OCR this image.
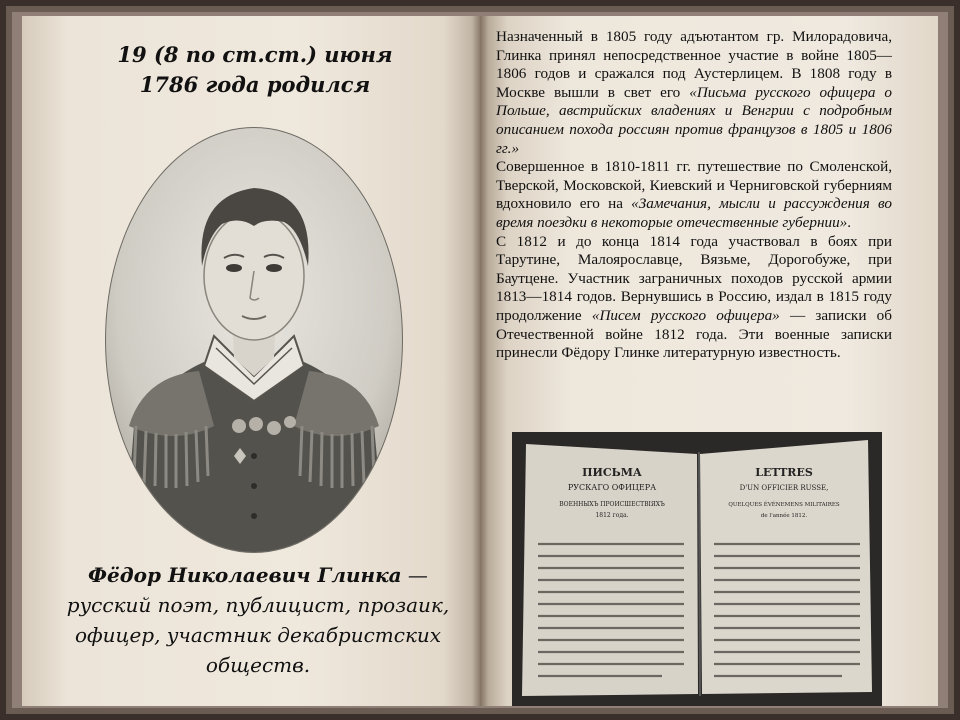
19 (8 по ст.ст.) июня
1786 года родился
Фёдор Николаевич Глинка — русский поэт, публицист, прозаик, офицер, участник декабристских обществ.

Назначенный в 1805 году адъютантом гр. Милорадовича, Глинка принял непосредственное участие в войне 1805— 1806 годов и сражался под Аустерлицем. В 1808 году в Москве вышли в свет его «Письма русского офицера о Польше, австрийских владениях и Венгрии с подробным описанием похода россиян против французов в 1805 и 1806 гг.»

Совершенное в 1810-1811 гг. путешествие по Смоленской, Тверской, Московской, Киевский и Черниговской губерниям вдохновило его на «Замечания, мысли и рассуждения во время поездки в некоторые отечественные губернии».

С 1812 и до конца 1814 года участвовал в боях при Тарутине, Малоярославце, Вязьме, Дорогобуже, при Баутцене. Участник заграничных походов русской армии 1813—1814 годов. Вернувшись в Россию, издал в 1815 году продолжение «Писем русского офицера» — записки об Отечественной войне 1812 года. Эти военные записки принесли Фёдору Глинке литературную известность.

ПИСЬМА
РУСКАГО ОФИЦЕРА
ВОЕННЫХЪ ПРОИСШЕСТВІЯХЪ
1812 года.
LETTRES
D'UN OFFICIER RUSSE,
QUELQUES ÉVÉNEMENS MILITAIRES
de l'année 1812.
